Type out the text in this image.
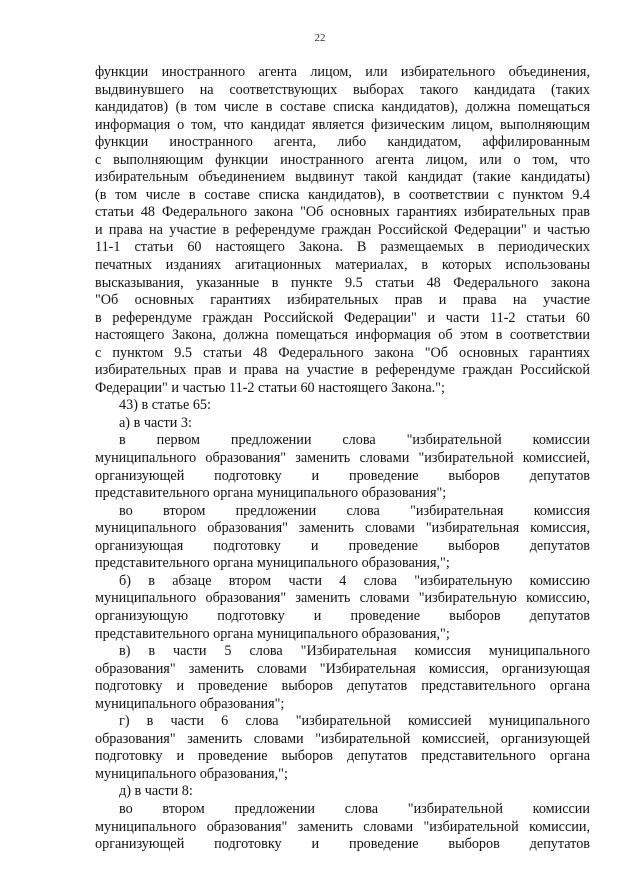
22
функции иностранного агента лицом, или избирательного объединения,
выдвинувшего на соответствующих выборах такого кандидата (таких
кандидатов) (в том числе в составе списка кандидатов), должна помещаться
информация о том, что кандидат является физическим лицом, выполняющим
функции иностранного агента, либо кандидатом, аффилированным
с выполняющим функции иностранного агента лицом, или о том, что
избирательным объединением выдвинут такой кандидат (такие кандидаты)
(в том числе в составе списка кандидатов), в соответствии с пунктом 9.4
статьи 48 Федерального закона "Об основных гарантиях избирательных прав
и права на участие в референдуме граждан Российской Федерации" и частью
11-1 статьи 60 настоящего Закона. В размещаемых в периодических
печатных изданиях агитационных материалах, в которых использованы
высказывания, указанные в пункте 9.5 статьи 48 Федерального закона
"Об основных гарантиях избирательных прав и права на участие
в референдуме граждан Российской Федерации" и части 11-2 статьи 60
настоящего Закона, должна помещаться информация об этом в соответствии
с пунктом 9.5 статьи 48 Федерального закона "Об основных гарантиях
избирательных прав и права на участие в референдуме граждан Российской
Федерации" и частью 11-2 статьи 60 настоящего Закона.";
43) в статье 65:
а) в части 3:
в первом предложении слова "избирательной комиссии
муниципального образования" заменить словами "избирательной комиссией,
организующей подготовку и проведение выборов депутатов
представительного органа муниципального образования";
во втором предложении слова "избирательная комиссия
муниципального образования" заменить словами "избирательная комиссия,
организующая подготовку и проведение выборов депутатов
представительного органа муниципального образования,";
б) в абзаце втором части 4 слова "избирательную комиссию
муниципального образования" заменить словами "избирательную комиссию,
организующую подготовку и проведение выборов депутатов
представительного органа муниципального образования,";
в) в части 5 слова "Избирательная комиссия муниципального
образования" заменить словами "Избирательная комиссия, организующая
подготовку и проведение выборов депутатов представительного органа
муниципального образования";
г) в части 6 слова "избирательной комиссией муниципального
образования" заменить словами "избирательной комиссией, организующей
подготовку и проведение выборов депутатов представительного органа
муниципального образования,";
д) в части 8:
во втором предложении слова "избирательной комиссии
муниципального образования" заменить словами "избирательной комиссии,
организующей подготовку и проведение выборов депутатов
